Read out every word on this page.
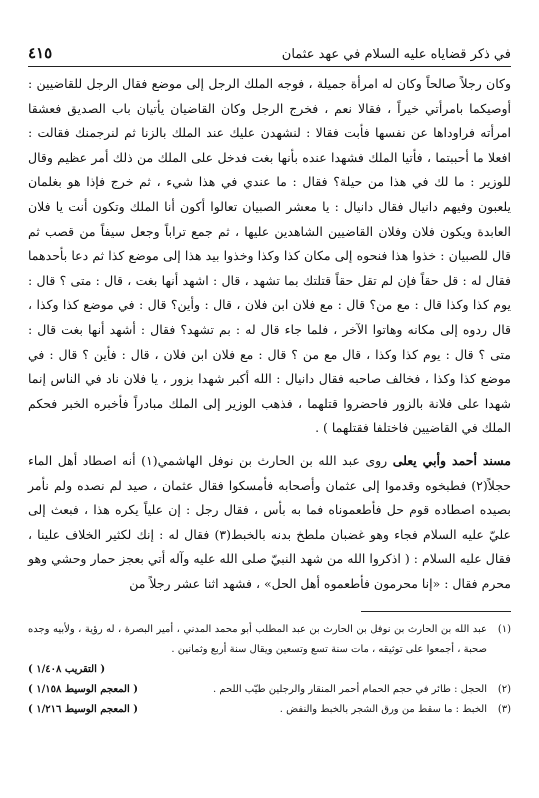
في ذكر قضاياه عليه السلام في عهد عثمان
٤١٥

وكان رجلاً صالحاً وكان له امرأة جميلة ، فوجه الملك الرجل إلى موضع فقال الرجل للقاضيين : أوصيكما بامرأتي خيراً ، فقالا نعم ، فخرج الرجل وكان القاضيان يأتيان باب الصديق فعشقا امرأته فراوداها عن نفسها فأبت فقالا : لنشهدن عليك عند الملك بالزنا ثم لنرجمنك فقالت : افعلا ما أحببتما ، فأتيا الملك فشهدا عنده بأنها بغت فدخل على الملك من ذلك أمر عظيم وقال للوزير : ما لك في هذا من حيلة؟ فقال : ما عندي في هذا شيء ، ثم خرج فإذا هو بغلمان يلعبون وفيهم دانيال فقال دانيال : يا معشر الصبيان تعالوا أكون أنا الملك وتكون أنت يا فلان العابدة ويكون فلان وفلان القاضيين الشاهدين عليها ، ثم جمع تراباً وجعل سيفاً من قصب ثم قال للصبيان : خذوا هذا فنحوه إلى مكان كذا وكذا وخذوا بيد هذا إلى موضع كذا ثم دعا بأحدهما فقال له : قل حقاً فإن لم تقل حقاً قتلتك بما تشهد ، قال : اشهد أنها بغت ، قال : متى ؟ قال : يوم كذا وكذا قال : مع من؟ قال : مع فلان ابن فلان ، قال : وأين؟ قال : في موضع كذا وكذا ، قال ردوه إلى مكانه وهاتوا الآخر ، فلما جاء قال له : بم تشهد؟ فقال : أشهد أنها بغت قال : متى ؟ قال : يوم كذا وكذا ، قال مع من ؟ قال : مع فلان ابن فلان ، قال : فأين ؟ قال : في موضع كذا وكذا ، فخالف صاحبه فقال دانيال : الله أكبر شهدا بزور ، يا فلان ناد في الناس إنما شهدا على فلانة بالزور فاحضروا قتلهما ، فذهب الوزير إلى الملك مبادراً فأخبره الخبر فحكم الملك في القاضيين فاختلفا فقتلهما ) .

مسند أحمد وأبي يعلى روى عبد الله بن الحارث بن نوفل الهاشمي(١) أنه اصطاد أهل الماء حجلاً(٢) فطبخوه وقدموا إلى عثمان وأصحابه فأمسكوا فقال عثمان ، صيد لم نصده ولم نأمر بصيده اصطاده قوم حل فأطعموناه فما به بأس ، فقال رجل : إن علياً يكره هذا ، فبعث إلى عليّ عليه السلام فجاء وهو غضبان ملطخ بدنه بالخبط(٣) فقال له : إنك لكثير الخلاف علينا ، فقال عليه السلام : ( اذكروا الله من شهد النبيّ صلى الله عليه وآله أتي بعجز حمار وحشي وهو محرم فقال : «إنا محرمون فأطعموه أهل الحل» ، فشهد اثنا عشر رجلاً من

(١)
عبد الله بن الحارث بن نوفل بن الحارث بن عبد المطلب أبو محمد المدني ، أمير البصرة ، له رؤية ، ولأبيه وجده صحبة ، أجمعوا على توثيقه ، مات سنة تسع وتسعين ويقال سنة أربع وثمانين .
( التقريب ١/٤٠٨ )
(٢)
الحجل : طائر في حجم الحمام أحمر المنقار والرجلين طيّب اللحم .
( المعجم الوسيط ١/١٥٨ )
(٣)
الخبط : ما سقط من ورق الشجر بالخبط والنفض .
( المعجم الوسيط ١/٢١٦ )
